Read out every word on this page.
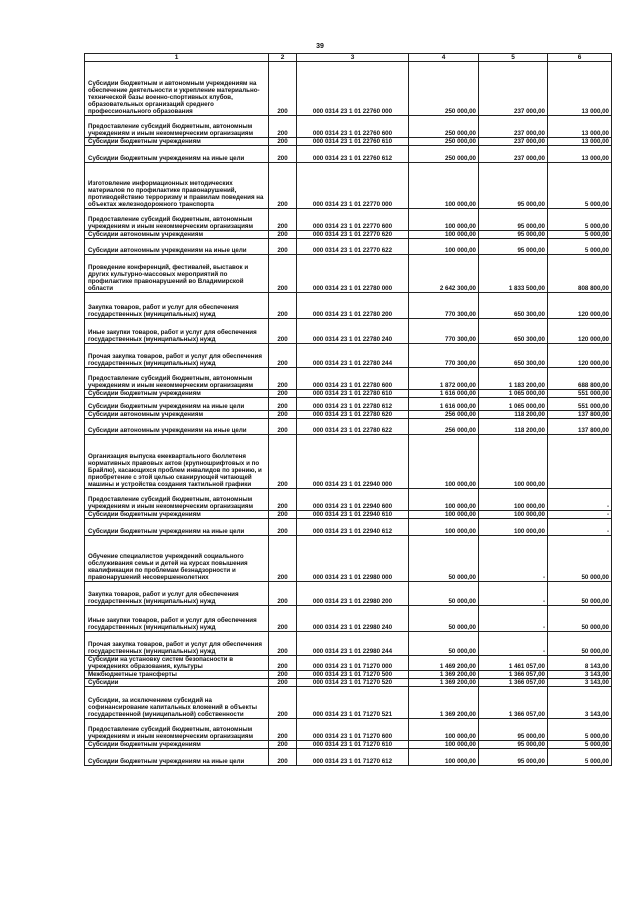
39
1	2	3	4	5	6
Субсидии бюджетным и автономным учреждениям на обеспечение деятельности и укрепление материально-технической базы военно-спортивных клубов, образовательных организаций среднего профессионального образования	200	000 0314 23 1 01 22760 000	250 000,00	237 000,00	13 000,00
Предоставление субсидий бюджетным, автономным учреждениям и иным некоммерческим организациям	200	000 0314 23 1 01 22760 600	250 000,00	237 000,00	13 000,00
Субсидии бюджетным учреждениям	200	000 0314 23 1 01 22760 610	250 000,00	237 000,00	13 000,00
Субсидии бюджетным учреждениям на иные цели	200	000 0314 23 1 01 22760 612	250 000,00	237 000,00	13 000,00
Изготовление информационных методических материалов по профилактике правонарушений, противодействию терроризму и правилам поведения на объектах железнодорожного транспорта	200	000 0314 23 1 01 22770 000	100 000,00	95 000,00	5 000,00
Предоставление субсидий бюджетным, автономным учреждениям и иным некоммерческим организациям	200	000 0314 23 1 01 22770 600	100 000,00	95 000,00	5 000,00
Субсидии автономным учреждениям	200	000 0314 23 1 01 22770 620	100 000,00	95 000,00	5 000,00
Субсидии автономным учреждениям на иные цели	200	000 0314 23 1 01 22770 622	100 000,00	95 000,00	5 000,00
Проведение конференций, фестивалей, выставок и других культурно-массовых мероприятий по профилактике правонарушений во Владимирской области	200	000 0314 23 1 01 22780 000	2 642 300,00	1 833 500,00	808 800,00
Закупка товаров, работ и услуг для обеспечения государственных (муниципальных) нужд	200	000 0314 23 1 01 22780 200	770 300,00	650 300,00	120 000,00
Иные закупки товаров, работ и услуг для обеспечения государственных (муниципальных) нужд	200	000 0314 23 1 01 22780 240	770 300,00	650 300,00	120 000,00
Прочая закупка товаров, работ и услуг для обеспечения государственных (муниципальных) нужд	200	000 0314 23 1 01 22780 244	770 300,00	650 300,00	120 000,00
Предоставление субсидий бюджетным, автономным учреждениям и иным некоммерческим организациям	200	000 0314 23 1 01 22780 600	1 872 000,00	1 183 200,00	688 800,00
Субсидии бюджетным учреждениям	200	000 0314 23 1 01 22780 610	1 616 000,00	1 065 000,00	551 000,00
Субсидии бюджетным учреждениям на иные цели	200	000 0314 23 1 01 22780 612	1 616 000,00	1 065 000,00	551 000,00
Субсидии автономным учреждениям	200	000 0314 23 1 01 22780 620	256 000,00	118 200,00	137 800,00
Субсидии автономным учреждениям на иные цели	200	000 0314 23 1 01 22780 622	256 000,00	118 200,00	137 800,00
Организация выпуска ежеквартального бюллетеня нормативных правовых актов (крупношрифтовых и по Брайлю), касающихся проблем инвалидов по зрению, и приобретение с этой целью сканирующей читающей машины и устройства создания тактильной графики	200	000 0314 23 1 01 22940 000	100 000,00	100 000,00	
Предоставление субсидий бюджетным, автономным учреждениям и иным некоммерческим организациям	200	000 0314 23 1 01 22940 600	100 000,00	100 000,00	-
Субсидии бюджетным учреждениям	200	000 0314 23 1 01 22940 610	100 000,00	100 000,00	-
Субсидии бюджетным учреждениям на иные цели	200	000 0314 23 1 01 22940 612	100 000,00	100 000,00	-
Обучение специалистов учреждений социального обслуживания семьи и детей на курсах повышения квалификации по проблемам безнадзорности и правонарушений несовершеннолетних	200	000 0314 23 1 01 22980 000	50 000,00	-	50 000,00
Закупка товаров, работ и услуг для обеспечения государственных (муниципальных) нужд	200	000 0314 23 1 01 22980 200	50 000,00	-	50 000,00
Иные закупки товаров, работ и услуг для обеспечения государственных (муниципальных) нужд	200	000 0314 23 1 01 22980 240	50 000,00	-	50 000,00
Прочая закупка товаров, работ и услуг для обеспечения государственных (муниципальных) нужд	200	000 0314 23 1 01 22980 244	50 000,00	-	50 000,00
Субсидии на установку систем безопасности в учреждениях образования, культуры	200	000 0314 23 1 01 71270 000	1 469 200,00	1 461 057,00	8 143,00
Межбюджетные трансферты	200	000 0314 23 1 01 71270 500	1 369 200,00	1 366 057,00	3 143,00
Субсидии	200	000 0314 23 1 01 71270 520	1 369 200,00	1 366 057,00	3 143,00
Субсидии, за исключением субсидий на софинансирование капитальных вложений в объекты государственной (муниципальной) собственности	200	000 0314 23 1 01 71270 521	1 369 200,00	1 366 057,00	3 143,00
Предоставление субсидий бюджетным, автономным учреждениям и иным некоммерческим организациям	200	000 0314 23 1 01 71270 600	100 000,00	95 000,00	5 000,00
Субсидии бюджетным учреждениям	200	000 0314 23 1 01 71270 610	100 000,00	95 000,00	5 000,00
Субсидии бюджетным учреждениям на иные цели	200	000 0314 23 1 01 71270 612	100 000,00	95 000,00	5 000,00
